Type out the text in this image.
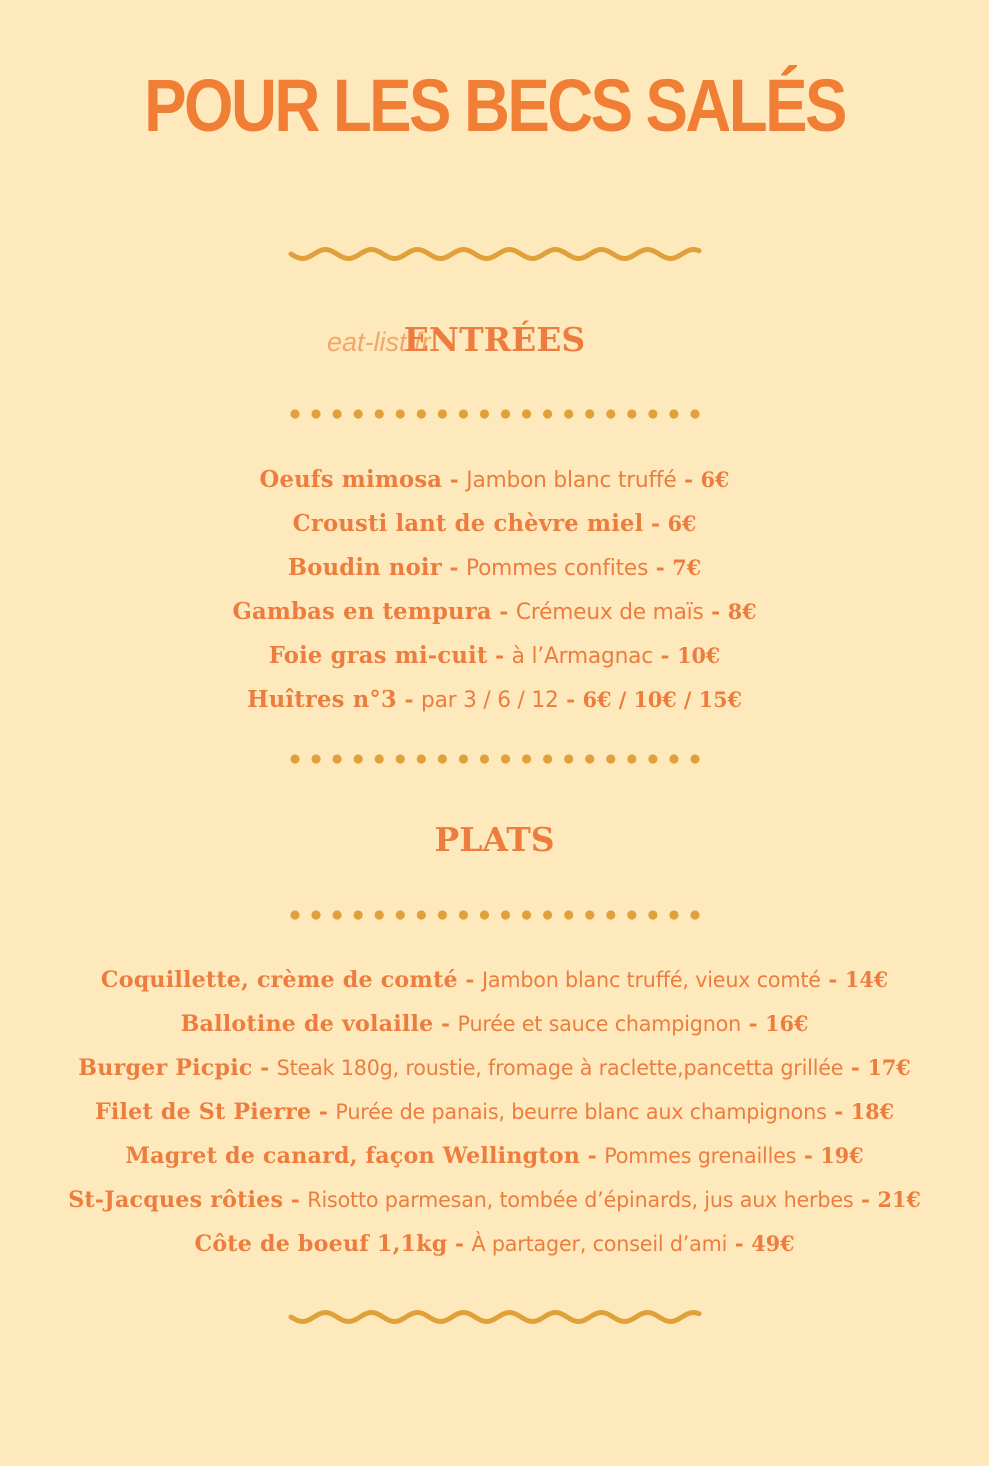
POUR LES BECS SALÉS
eat-list.fr
ENTRÉES
Oeufs mimosa - Jambon blanc truffé - 6€
Crousti lant de chèvre miel - 6€
Boudin noir - Pommes confites - 7€
Gambas en tempura - Crémeux de maïs - 8€
Foie gras mi-cuit - à l’Armagnac - 10€
Huîtres n°3 - par 3 / 6 / 12 - 6€ / 10€ / 15€
PLATS
Coquillette, crème de comté - Jambon blanc truffé, vieux comté - 14€
Ballotine de volaille - Purée et sauce champignon - 16€
Burger Picpic - Steak 180g, roustie, fromage à raclette,pancetta grillée - 17€
Filet de St Pierre - Purée de panais, beurre blanc aux champignons - 18€
Magret de canard, façon Wellington - Pommes grenailles - 19€
St-Jacques rôties - Risotto parmesan, tombée d’épinards, jus aux herbes - 21€
Côte de boeuf 1,1kg - À partager, conseil d’ami - 49€
